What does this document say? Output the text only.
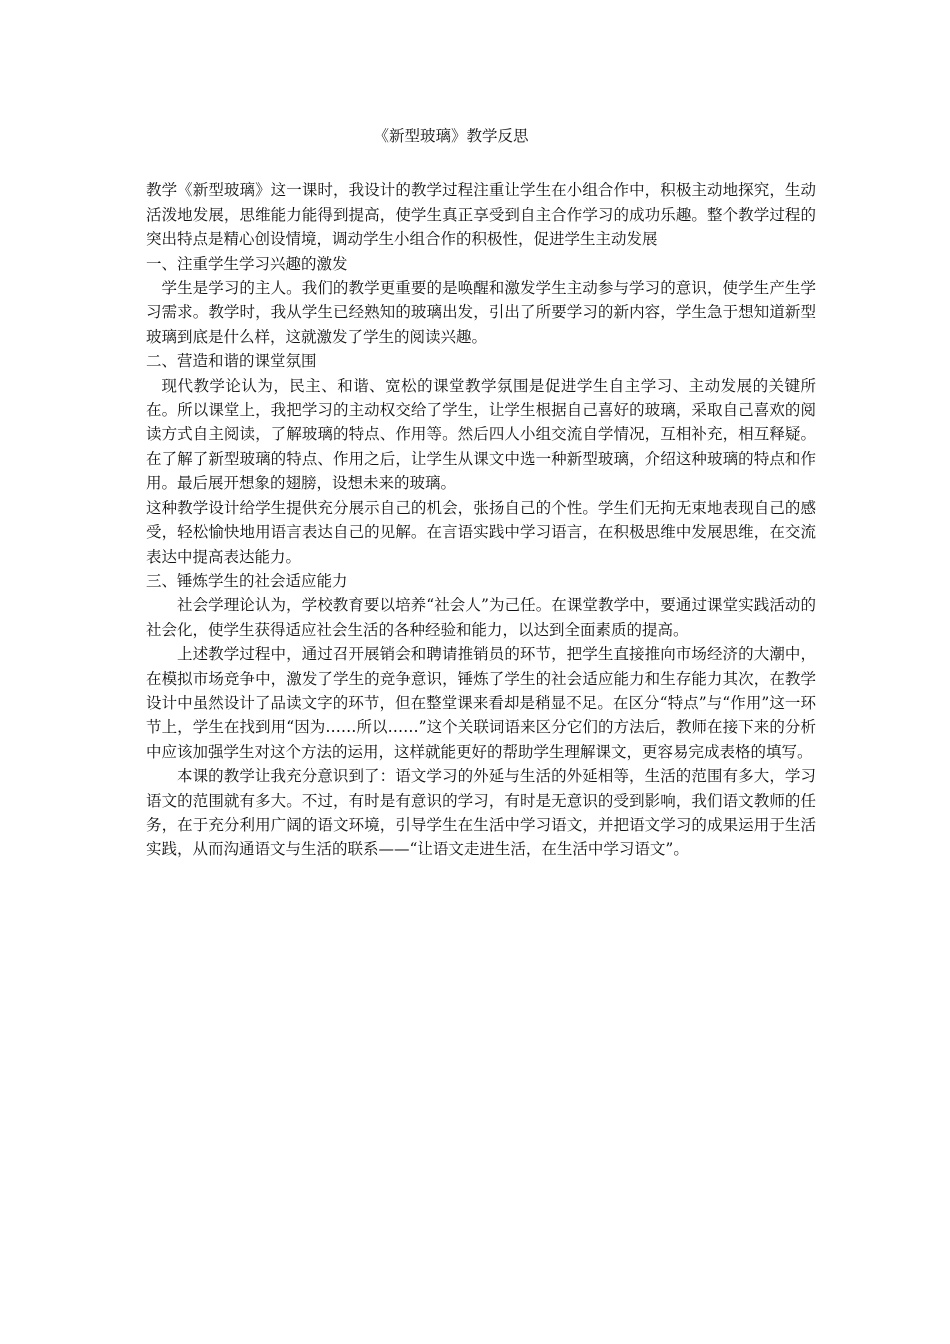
《新型玻璃》教学反思

教学《新型玻璃》这一课时，我设计的教学过程注重让学生在小组合作中，积极主动地探究，生动活泼地发展，思维能力能得到提高，使学生真正享受到自主合作学习的成功乐趣。整个教学过程的突出特点是精心创设情境，调动学生小组合作的积极性，促进学生主动发展

一、注重学生学习兴趣的激发

学生是学习的主人。我们的教学更重要的是唤醒和激发学生主动参与学习的意识，使学生产生学习需求。教学时，我从学生已经熟知的玻璃出发，引出了所要学习的新内容，学生急于想知道新型玻璃到底是什么样，这就激发了学生的阅读兴趣。

二、营造和谐的课堂氛围

现代教学论认为，民主、和谐、宽松的课堂教学氛围是促进学生自主学习、主动发展的关键所在。所以课堂上，我把学习的主动权交给了学生，让学生根据自己喜好的玻璃，采取自己喜欢的阅读方式自主阅读，了解玻璃的特点、作用等。然后四人小组交流自学情况，互相补充，相互释疑。在了解了新型玻璃的特点、作用之后，让学生从课文中选一种新型玻璃，介绍这种玻璃的特点和作用。最后展开想象的翅膀，设想未来的玻璃。

这种教学设计给学生提供充分展示自己的机会，张扬自己的个性。学生们无拘无束地表现自己的感受，轻松愉快地用语言表达自己的见解。在言语实践中学习语言，在积极思维中发展思维，在交流表达中提高表达能力。

三、锤炼学生的社会适应能力

社会学理论认为，学校教育要以培养“社会人”为己任。在课堂教学中，要通过课堂实践活动的社会化，使学生获得适应社会生活的各种经验和能力，以达到全面素质的提高。

上述教学过程中，通过召开展销会和聘请推销员的环节，把学生直接推向市场经济的大潮中，在模拟市场竞争中，激发了学生的竞争意识，锤炼了学生的社会适应能力和生存能力其次，在教学设计中虽然设计了品读文字的环节，但在整堂课来看却是稍显不足。在区分“特点”与“作用”这一环节上，学生在找到用“因为……所以……”这个关联词语来区分它们的方法后，教师在接下来的分析中应该加强学生对这个方法的运用，这样就能更好的帮助学生理解课文，更容易完成表格的填写。

本课的教学让我充分意识到了：语文学习的外延与生活的外延相等，生活的范围有多大，学习语文的范围就有多大。不过，有时是有意识的学习，有时是无意识的受到影响，我们语文教师的任务，在于充分利用广阔的语文环境，引导学生在生活中学习语文，并把语文学习的成果运用于生活实践，从而沟通语文与生活的联系——“让语文走进生活，在生活中学习语文”。
